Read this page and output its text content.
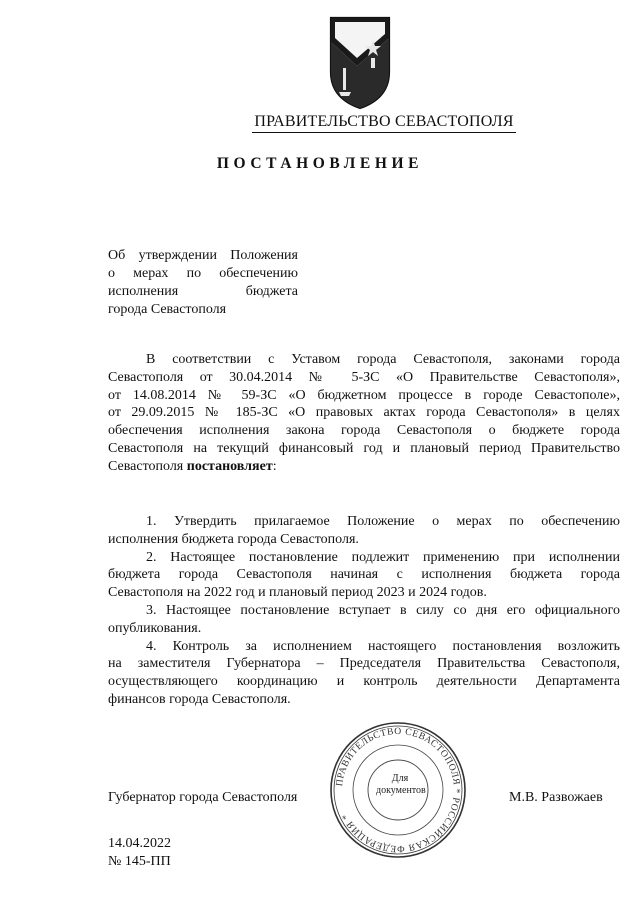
ПРАВИТЕЛЬСТВО СЕВАСТОПОЛЯ
ПОСТАНОВЛЕНИЕ
Об утверждении Положения
о мерах по обеспечению
исполнения бюджета
города Севастополя
В соответствии с Уставом города Севастополя, законами города
Севастополя от 30.04.2014 № 5-ЗС «О Правительстве Севастополя»,
от 14.08.2014 № 59-ЗС «О бюджетном процессе в городе Севастополе»,
от 29.09.2015 № 185-ЗС «О правовых актах города Севастополя» в целях
обеспечения исполнения закона города Севастополя о бюджете города
Севастополя на текущий финансовый год и плановый период Правительство
Севастополя постановляет:
1. Утвердить прилагаемое Положение о мерах по обеспечению
исполнения бюджета города Севастополя.
2. Настоящее постановление подлежит применению при исполнении
бюджета города Севастополя начиная с исполнения бюджета города
Севастополя на 2022 год и плановый период 2023 и 2024 годов.
3. Настоящее постановление вступает в силу со дня его официального
опубликования.
4. Контроль за исполнением настоящего постановления возложить
на заместителя Губернатора – Председателя Правительства Севастополя,
осуществляющего координацию и контроль деятельности Департамента
финансов города Севастополя.
ПРАВИТЕЛЬСТВО СЕВАСТОПОЛЯ * РОССИЙСКАЯ ФЕДЕРАЦИЯ *
Для
документов
Губернатор города Севастополя	М.В. Развожаев
14.04.2022
№ 145-ПП
